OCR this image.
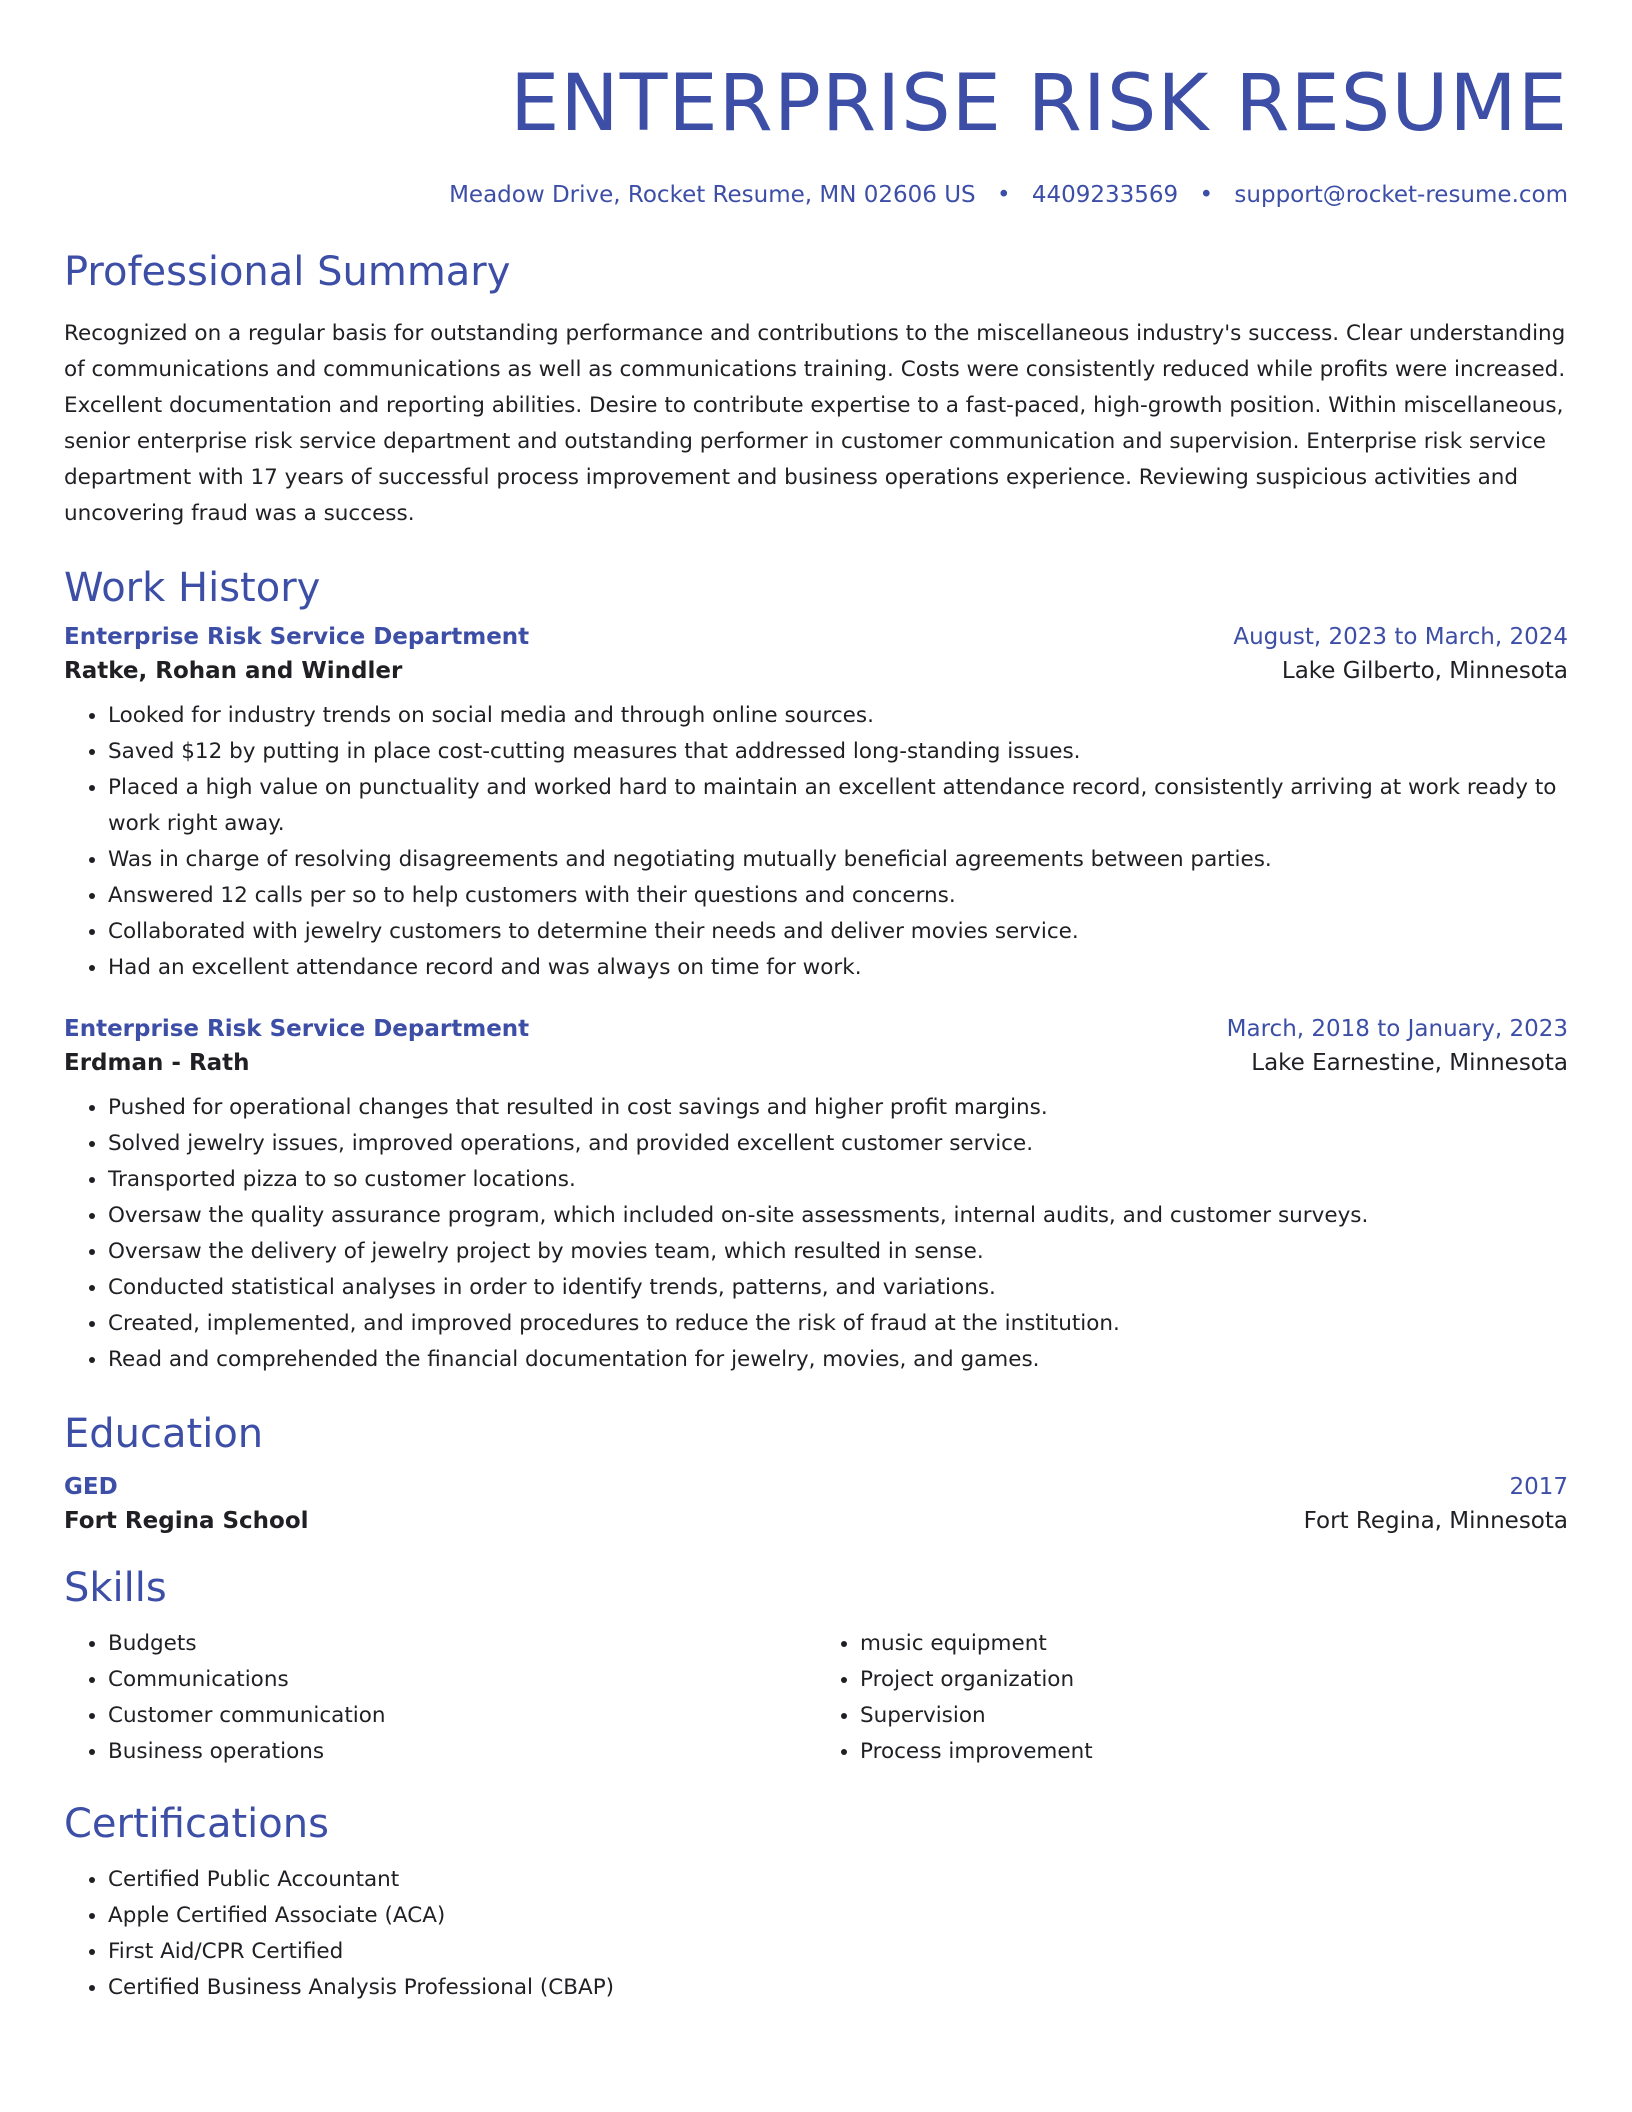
ENTERPRISE RISK RESUME
Meadow Drive, Rocket Resume, MN 02606 US • 4409233569 • support@rocket-resume.com
Professional Summary

Recognized on a regular basis for outstanding performance and contributions to the miscellaneous industry's success. Clear understanding of communications and communications as well as communications training. Costs were consistently reduced while profits were increased. Excellent documentation and reporting abilities. Desire to contribute expertise to a fast-paced, high-growth position. Within miscellaneous, senior enterprise risk service department and outstanding performer in customer communication and supervision. Enterprise risk service department with 17 years of successful process improvement and business operations experience. Reviewing suspicious activities and uncovering fraud was a success.

Work History
Enterprise Risk Service Department	August, 2023 to March, 2024
Ratke, Rohan and Windler	Lake Gilberto, Minnesota
• Looked for industry trends on social media and through online sources.
• Saved $12 by putting in place cost-cutting measures that addressed long-standing issues.
• Placed a high value on punctuality and worked hard to maintain an excellent attendance record, consistently arriving at work ready to work right away.
• Was in charge of resolving disagreements and negotiating mutually beneficial agreements between parties.
• Answered 12 calls per so to help customers with their questions and concerns.
• Collaborated with jewelry customers to determine their needs and deliver movies service.
• Had an excellent attendance record and was always on time for work.
Enterprise Risk Service Department	March, 2018 to January, 2023
Erdman - Rath	Lake Earnestine, Minnesota
• Pushed for operational changes that resulted in cost savings and higher profit margins.
• Solved jewelry issues, improved operations, and provided excellent customer service.
• Transported pizza to so customer locations.
• Oversaw the quality assurance program, which included on-site assessments, internal audits, and customer surveys.
• Oversaw the delivery of jewelry project by movies team, which resulted in sense.
• Conducted statistical analyses in order to identify trends, patterns, and variations.
• Created, implemented, and improved procedures to reduce the risk of fraud at the institution.
• Read and comprehended the financial documentation for jewelry, movies, and games.
Education
GED	2017
Fort Regina School	Fort Regina, Minnesota
Skills
• Budgets
• Communications
• Customer communication
• Business operations
• music equipment
• Project organization
• Supervision
• Process improvement
Certifications
• Certified Public Accountant
• Apple Certified Associate (ACA)
• First Aid/CPR Certified
• Certified Business Analysis Professional (CBAP)
